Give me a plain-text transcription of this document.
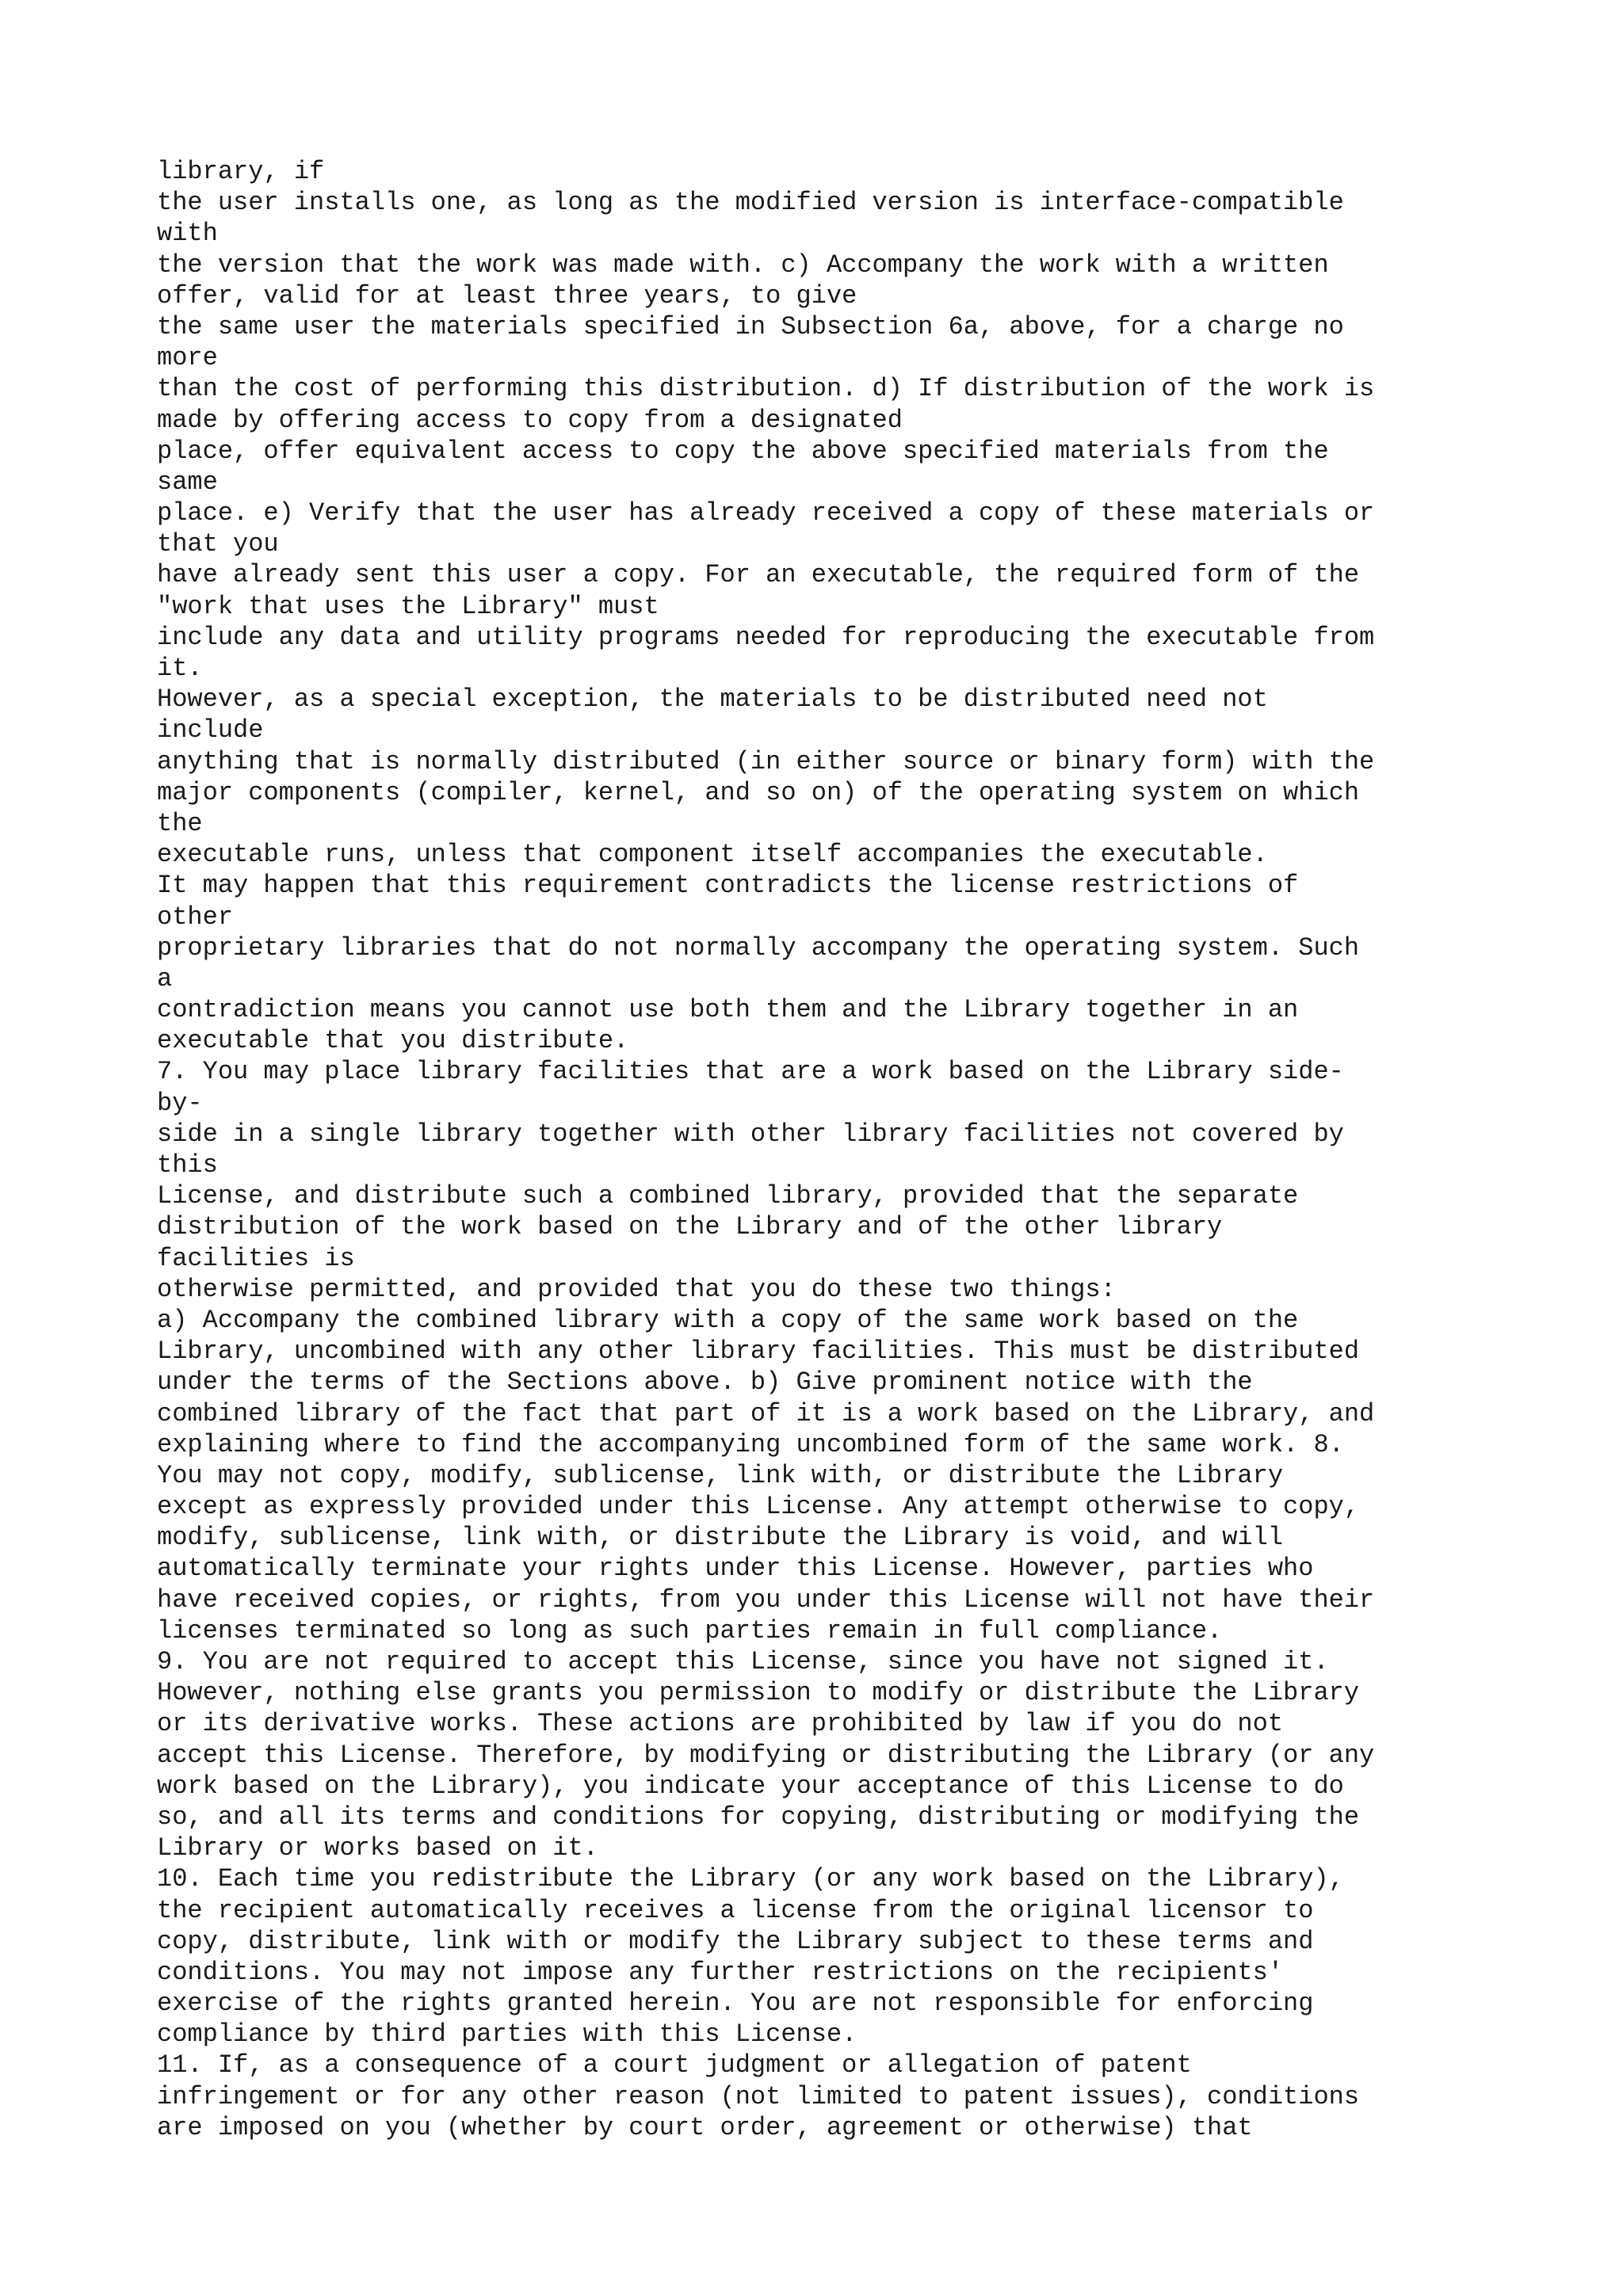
library, if
the user installs one, as long as the modified version is interface-compatible
with
the version that the work was made with. c) Accompany the work with a written
offer, valid for at least three years, to give
the same user the materials specified in Subsection 6a, above, for a charge no
more
than the cost of performing this distribution. d) If distribution of the work is
made by offering access to copy from a designated
place, offer equivalent access to copy the above specified materials from the
same
place. e) Verify that the user has already received a copy of these materials or
that you
have already sent this user a copy. For an executable, the required form of the
"work that uses the Library" must
include any data and utility programs needed for reproducing the executable from
it.
However, as a special exception, the materials to be distributed need not
include
anything that is normally distributed (in either source or binary form) with the
major components (compiler, kernel, and so on) of the operating system on which
the
executable runs, unless that component itself accompanies the executable.
It may happen that this requirement contradicts the license restrictions of
other
proprietary libraries that do not normally accompany the operating system. Such
a
contradiction means you cannot use both them and the Library together in an
executable that you distribute.
7. You may place library facilities that are a work based on the Library side-
by-
side in a single library together with other library facilities not covered by
this
License, and distribute such a combined library, provided that the separate
distribution of the work based on the Library and of the other library
facilities is
otherwise permitted, and provided that you do these two things:
a) Accompany the combined library with a copy of the same work based on the
Library, uncombined with any other library facilities. This must be distributed
under the terms of the Sections above. b) Give prominent notice with the
combined library of the fact that part of it is a work based on the Library, and
explaining where to find the accompanying uncombined form of the same work. 8.
You may not copy, modify, sublicense, link with, or distribute the Library
except as expressly provided under this License. Any attempt otherwise to copy,
modify, sublicense, link with, or distribute the Library is void, and will
automatically terminate your rights under this License. However, parties who
have received copies, or rights, from you under this License will not have their
licenses terminated so long as such parties remain in full compliance.
9. You are not required to accept this License, since you have not signed it.
However, nothing else grants you permission to modify or distribute the Library
or its derivative works. These actions are prohibited by law if you do not
accept this License. Therefore, by modifying or distributing the Library (or any
work based on the Library), you indicate your acceptance of this License to do
so, and all its terms and conditions for copying, distributing or modifying the
Library or works based on it.
10. Each time you redistribute the Library (or any work based on the Library),
the recipient automatically receives a license from the original licensor to
copy, distribute, link with or modify the Library subject to these terms and
conditions. You may not impose any further restrictions on the recipients'
exercise of the rights granted herein. You are not responsible for enforcing
compliance by third parties with this License.
11. If, as a consequence of a court judgment or allegation of patent
infringement or for any other reason (not limited to patent issues), conditions
are imposed on you (whether by court order, agreement or otherwise) that
